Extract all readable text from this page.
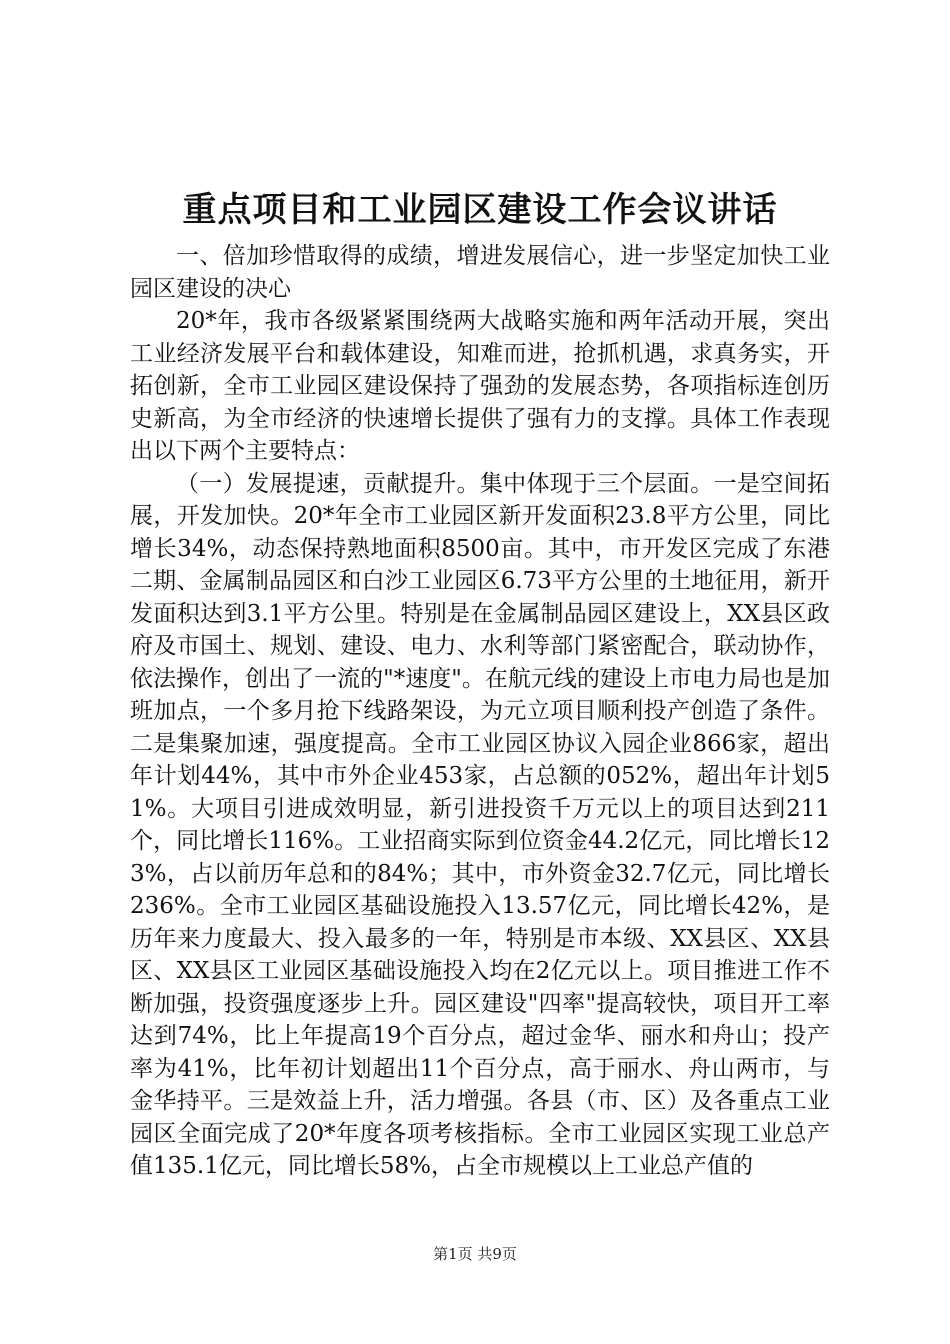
重点项目和工业园区建设工作会议讲话

一、倍加珍惜取得的成绩，增进发展信心，进一步坚定加快工业园区建设的决心

20*年，我市各级紧紧围绕两大战略实施和两年活动开展，突出工业经济发展平台和载体建设，知难而进，抢抓机遇，求真务实，开拓创新，全市工业园区建设保持了强劲的发展态势，各项指标连创历史新高，为全市经济的快速增长提供了强有力的支撑。具体工作表现出以下两个主要特点：

（一）发展提速，贡献提升。集中体现于三个层面。一是空间拓展，开发加快。20*年全市工业园区新开发面积23.8平方公里，同比增长34%，动态保持熟地面积8500亩。其中，市开发区完成了东港二期、金属制品园区和白沙工业园区6.73平方公里的土地征用，新开发面积达到3.1平方公里。特别是在金属制品园区建设上，XX县区政府及市国土、规划、建设、电力、水利等部门紧密配合，联动协作，依法操作，创出了一流的"*速度"。在航元线的建设上市电力局也是加班加点，一个多月抢下线路架设，为元立项目顺利投产创造了条件。二是集聚加速，强度提高。全市工业园区协议入园企业866家，超出年计划44%，其中市外企业453家，占总额的052%，超出年计划51%。大项目引进成效明显，新引进投资千万元以上的项目达到211个，同比增长116%。工业招商实际到位资金44.2亿元，同比增长123%，占以前历年总和的84%；其中，市外资金32.7亿元，同比增长236%。全市工业园区基础设施投入13.57亿元，同比增长42%，是历年来力度最大、投入最多的一年，特别是市本级、XX县区、XX县区、XX县区工业园区基础设施投入均在2亿元以上。项目推进工作不断加强，投资强度逐步上升。园区建设"四率"提高较快，项目开工率达到74%，比上年提高19个百分点，超过金华、丽水和舟山；投产率为41%，比年初计划超出11个百分点，高于丽水、舟山两市，与金华持平。三是效益上升，活力增强。各县（市、区）及各重点工业园区全面完成了20*年度各项考核指标。全市工业园区实现工业总产值135.1亿元，同比增长58%，占全市规模以上工业总产值的

第1页 共9页
